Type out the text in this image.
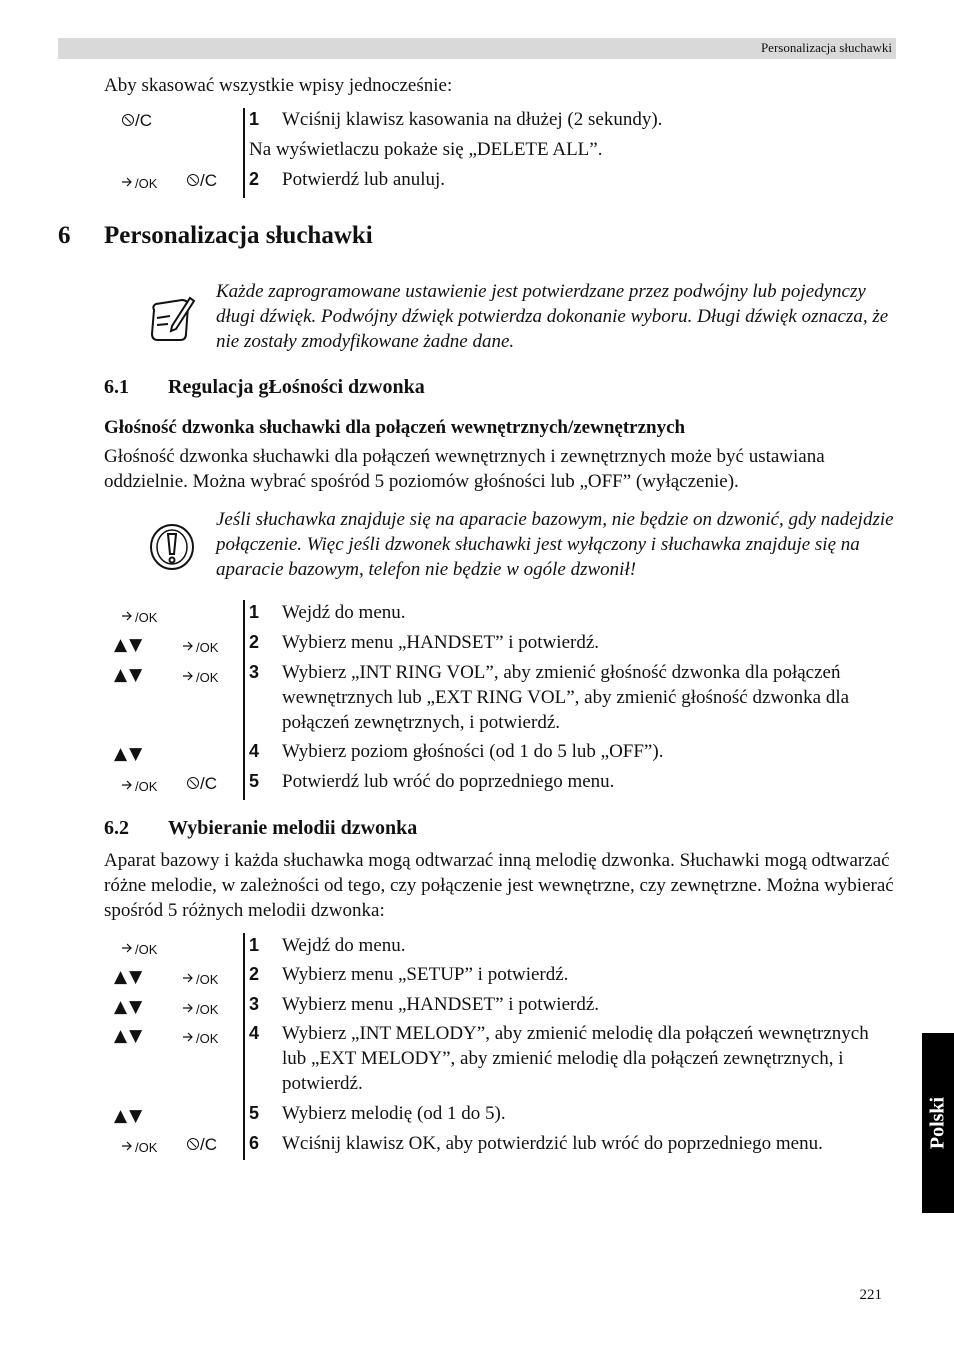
Personalizacja słuchawki
Aby skasować wszystkie wpisy jednocześnie:
/C	1 Wciśnij klawisz kasowania na dłużej (2 sekundy).
Na wyświetlaczu pokaże się „DELETE ALL”.
/OK	/C 2 Potwierdź lub anuluj.
6 Personalizacja słuchawki
Każde zaprogramowane ustawienie jest potwierdzane przez podwójny lub pojedynczy długi dźwięk. Podwójny dźwięk potwierdza dokonanie wyboru. Długi dźwięk oznacza, że nie zostały zmodyfikowane żadne dane.
6.1 Regulacja gŁośności dzwonka
Głośność dzwonka słuchawki dla połączeń wewnętrznych/zewnętrznych
Głośność dzwonka słuchawki dla połączeń wewnętrznych i zewnętrznych może być ustawiana oddzielnie. Można wybrać spośród 5 poziomów głośności lub „OFF” (wyłączenie).
Jeśli słuchawka znajduje się na aparacie bazowym, nie będzie on dzwonić, gdy nadejdzie połączenie. Więc jeśli dzwonek słuchawki jest wyłączony i słuchawka znajduje się na aparacie bazowym, telefon nie będzie w ogóle dzwonił!
/OK	1 Wejdź do menu.
▲▼	/OK 2 Wybierz menu „HANDSET” i potwierdź.
▲▼	/OK 3 Wybierz „INT RING VOL”, aby zmienić głośność dzwonka dla połączeń wewnętrznych lub „EXT RING VOL”, aby zmienić głośność dzwonka dla połączeń zewnętrznych, i potwierdź.
▲▼	4 Wybierz poziom głośności (od 1 do 5 lub „OFF”).
/OK	/C 5 Potwierdź lub wróć do poprzedniego menu.
6.2 Wybieranie melodii dzwonka
Aparat bazowy i każda słuchawka mogą odtwarzać inną melodię dzwonka. Słuchawki mogą odtwarzać różne melodie, w zależności od tego, czy połączenie jest wewnętrzne, czy zewnętrzne. Można wybierać spośród 5 różnych melodii dzwonka:
/OK	1 Wejdź do menu.
▲▼	/OK 2 Wybierz menu „SETUP” i potwierdź.
▲▼	/OK 3 Wybierz menu „HANDSET” i potwierdź.
▲▼	/OK 4 Wybierz „INT MELODY”, aby zmienić melodię dla połączeń wewnętrznych lub „EXT MELODY”, aby zmienić melodię dla połączeń zewnętrznych, i potwierdź.
▲▼	5 Wybierz melodię (od 1 do 5).
/OK	/C 6 Wciśnij klawisz OK, aby potwierdzić lub wróć do poprzedniego menu.	Polski
221
